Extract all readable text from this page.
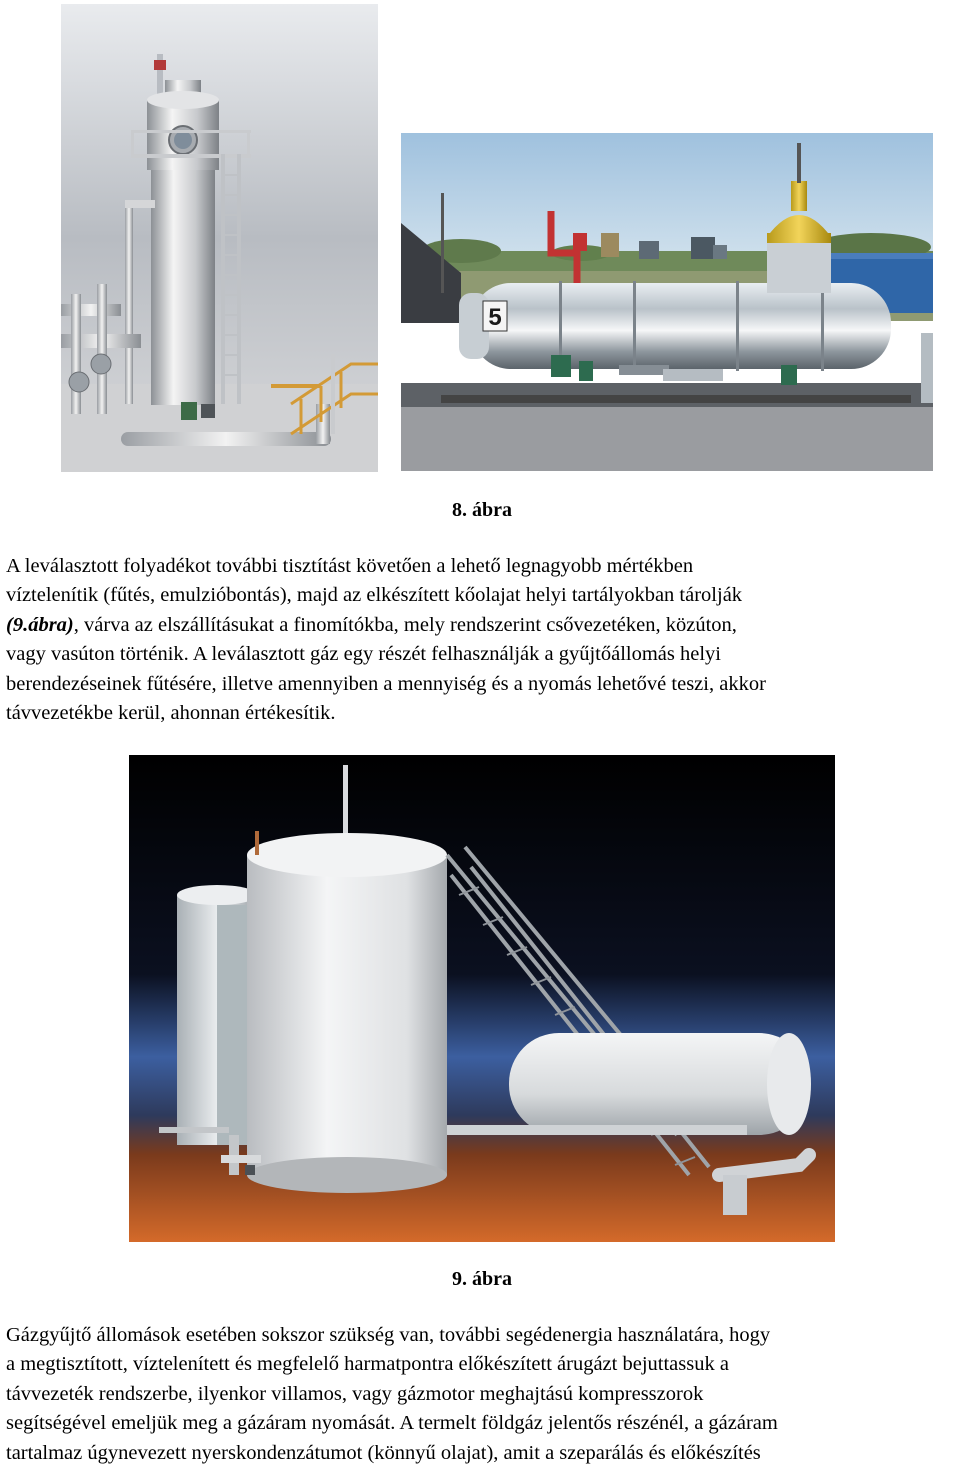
5
8. ábra
A leválasztott folyadékot további tisztítást követően a lehető legnagyobb mértékben
víztelenítik (fűtés, emulzióbontás), majd az elkészített kőolajat helyi tartályokban tárolják
(9.ábra), várva az elszállításukat a finomítókba, mely rendszerint csővezetéken, közúton,
vagy vasúton történik. A leválasztott gáz egy részét felhasználják a gyűjtőállomás helyi
berendezéseinek fűtésére, illetve amennyiben a mennyiség és a nyomás lehetővé teszi, akkor
távvezetékbe kerül, ahonnan értékesítik.
9. ábra
Gázgyűjtő állomások esetében sokszor szükség van, további segédenergia használatára, hogy
a megtisztított, víztelenített és megfelelő harmatpontra előkészített árugázt bejuttassuk a
távvezeték rendszerbe, ilyenkor villamos, vagy gázmotor meghajtású kompresszorok
segítségével emeljük meg a gázáram nyomását. A termelt földgáz jelentős részénél, a gázáram
tartalmaz úgynevezett nyerskondenzátumot (könnyű olajat), amit a szeparálás és előkészítés
